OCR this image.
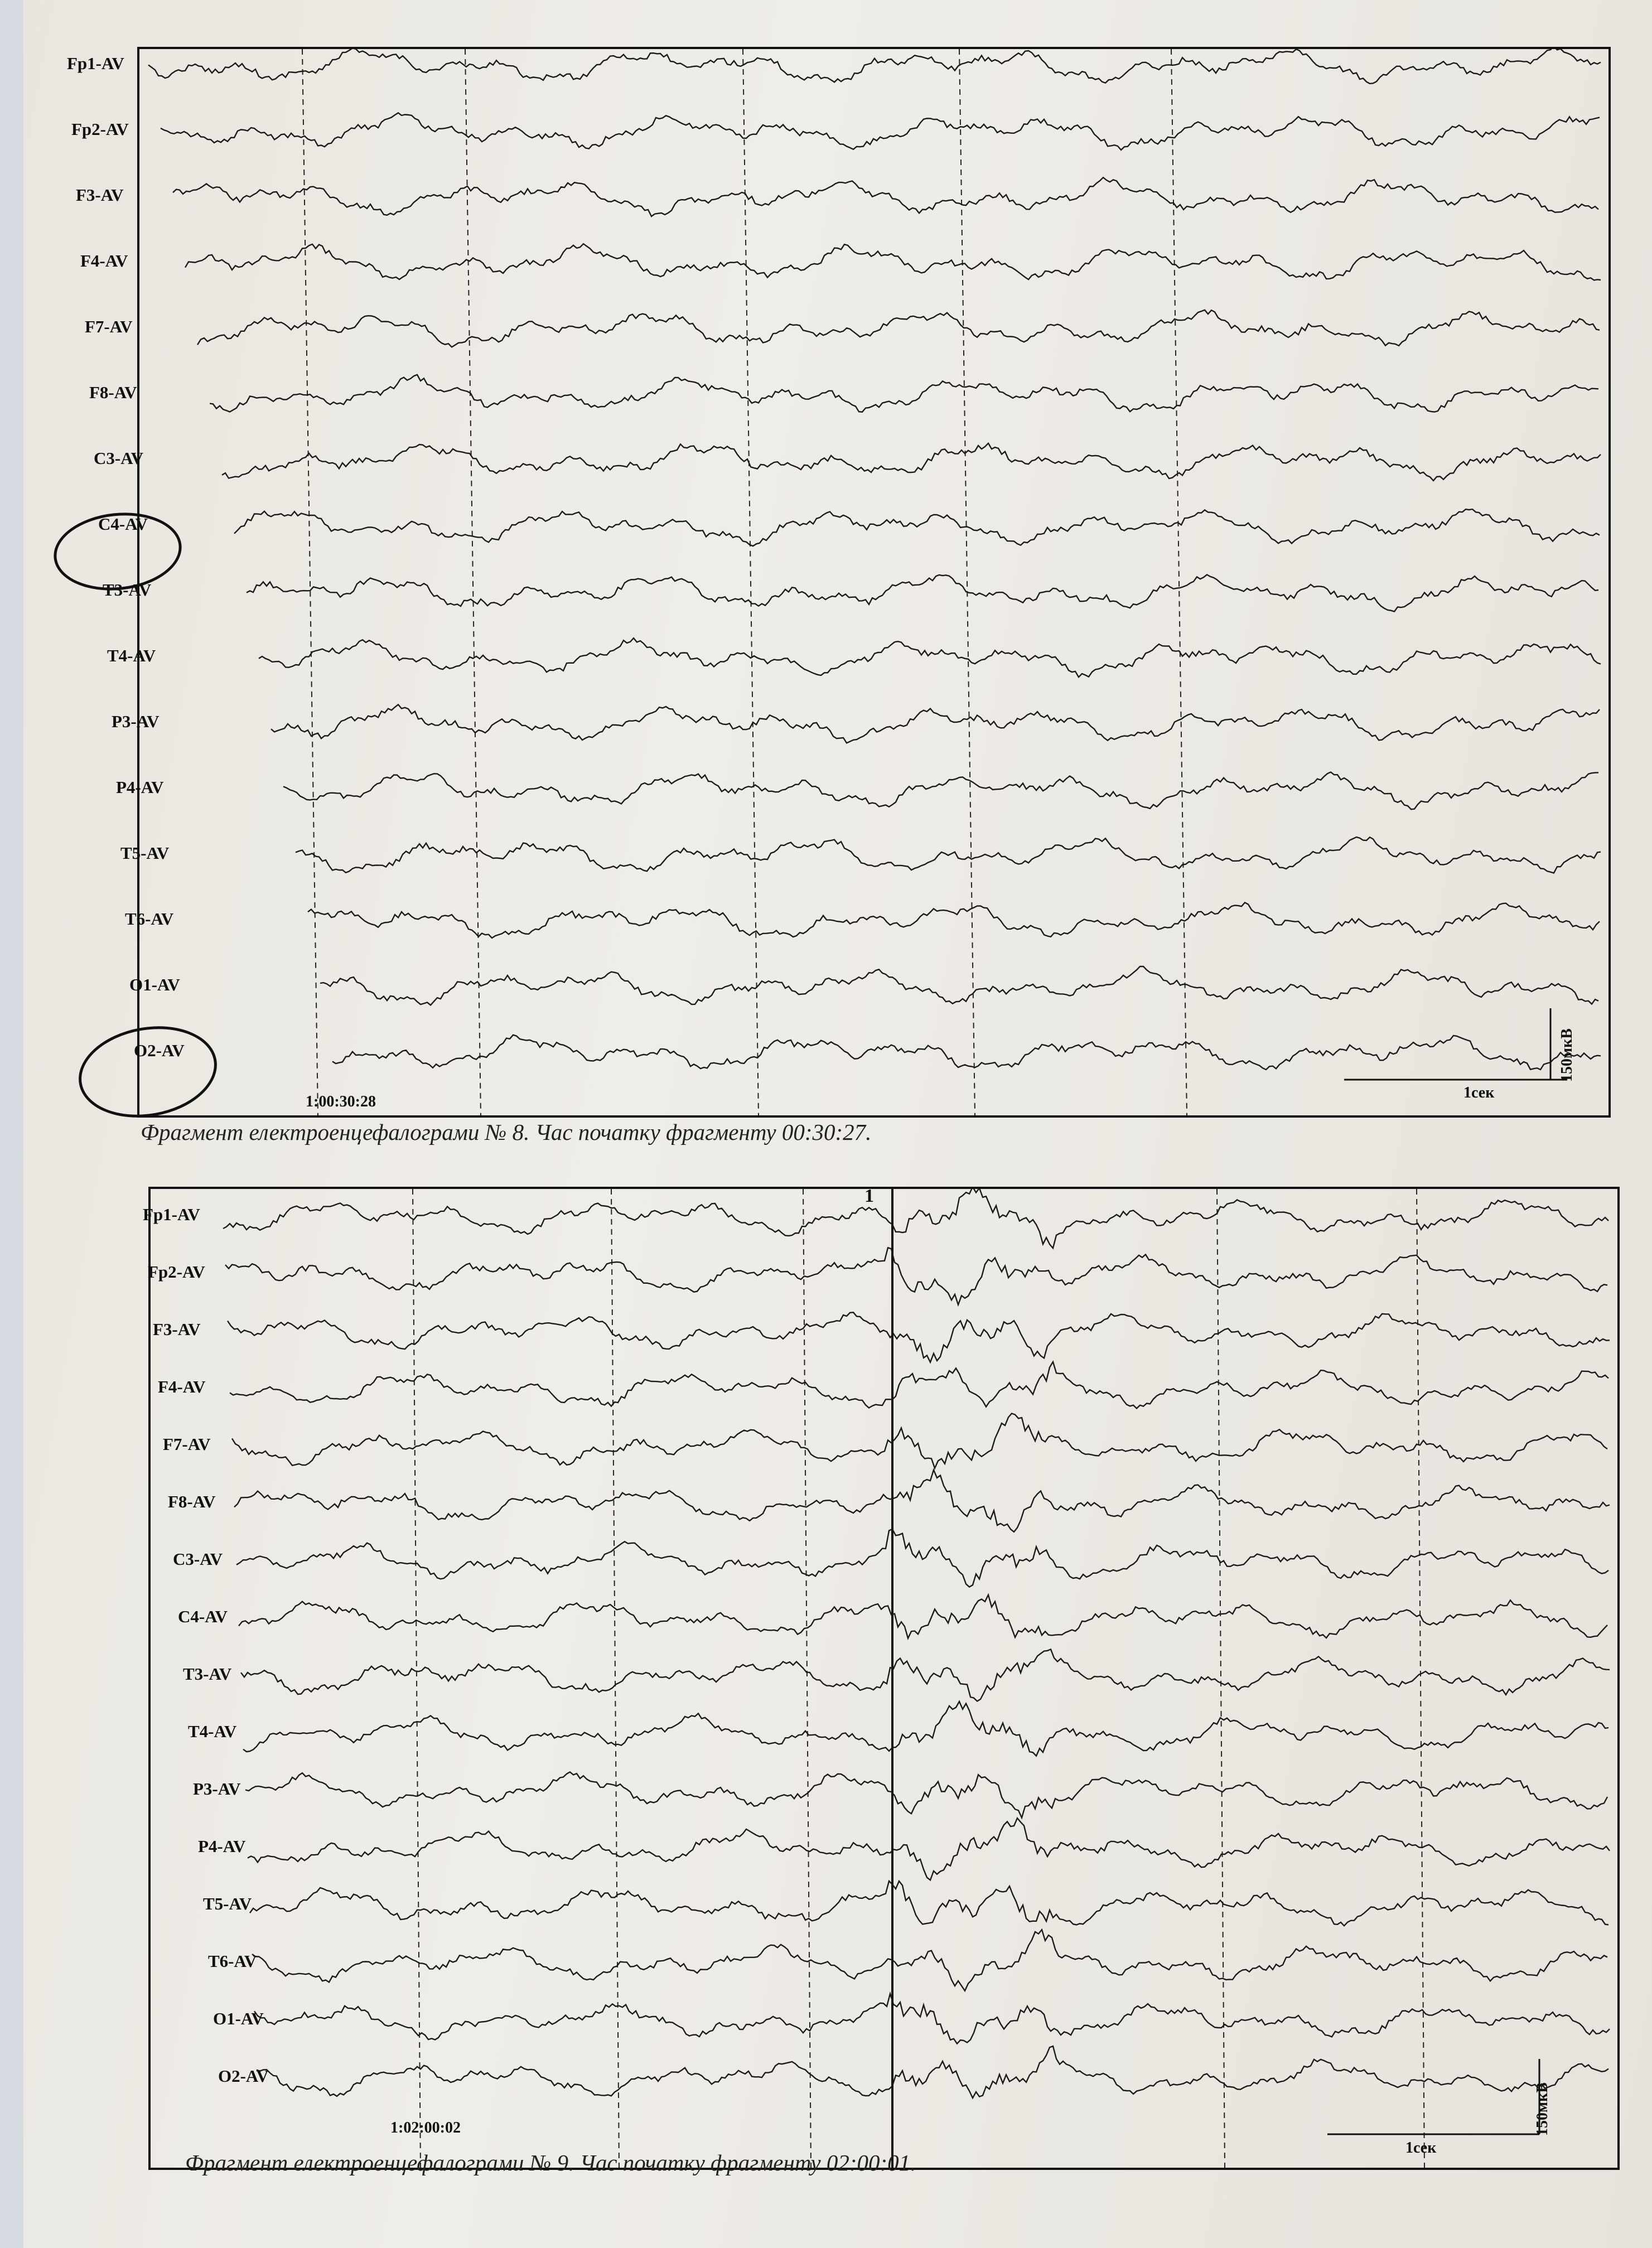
1:00:30:28
1сек
150мкВ
Фрагмент електроенцефалограми № 8. Час початку фрагменту 00:30:27.
1
1:02:00:02
1сек
150мкВ
Фрагмент електроенцефалограми № 9. Час початку фрагменту 02:00:01.
Fp1-AV
Fp2-AV
F3-AV
F4-AV
F7-AV
F8-AV
C3-AV
C4-AV
T3-AV
T4-AV
P3-AV
P4-AV
T5-AV
T6-AV
O1-AV
O2-AV
Fp1-AV
Fp2-AV
F3-AV
F4-AV
F7-AV
F8-AV
C3-AV
C4-AV
T3-AV
T4-AV
P3-AV
P4-AV
T5-AV
T6-AV
O1-AV
O2-AV
